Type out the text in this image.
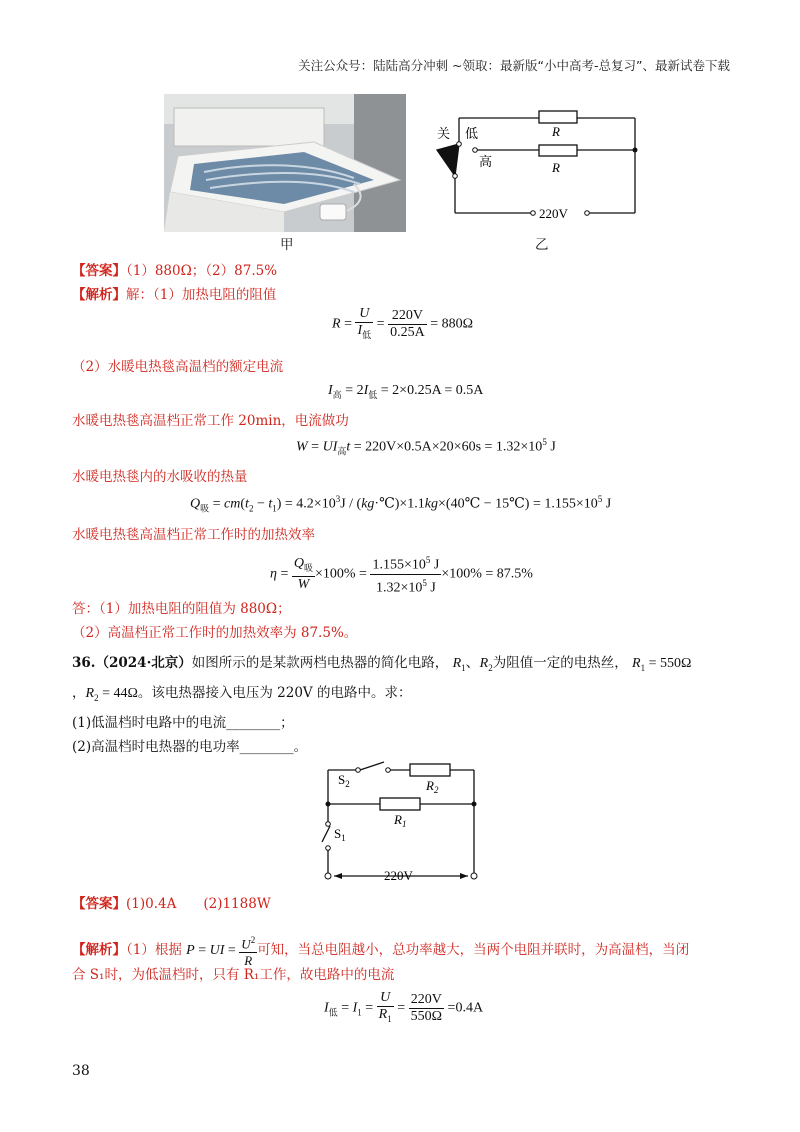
关注公众号：陆陆高分冲刺 ~领取：最新版“小中高考-总复习”、最新试卷下载
甲
关 低
高
R
R
220V
乙
【答案】（1）880Ω；（2）87.5%
【解析】解：（1）加热电阻的阻值
$R = \frac{U}{I_低} = \frac{220V}{0.25A} = 880\Omega$
（2）水暖电热毯高温档的额定电流
$I_高 = 2I_低 = 2\times 0.25A = 0.5A$
水暖电热毯高温档正常工作 20min，电流做功
$W = UI_高t = 220V\times 0.5A\times 20\times 60s = 1.32\times 10^5$ J
水暖电热毯内的水吸收的热量
$Q_吸 = cm(t_2 - t_1) = 4.2\times 10^3J$ / (kg·℃)×1.1kg×(40℃ − 15℃) = $1.155\times 10^5$ J
水暖电热毯高温档正常工作时的加热效率
$\eta = \frac{Q_吸}{W} \times 100\% = \frac{1.155\times 10^5 J}{1.32\times 10^5 J} \times 100\% = 87.5\%$
答：（1）加热电阻的阻值为 880Ω；
（2）高温档正常工作时的加热效率为 87.5%。
36.（2024·北京）如图所示的是某款两档电热器的简化电路， $R_1$、$R_2$为阻值一定的电热丝， $R_1 = 550\Omega$
，$R_2 = 44\Omega$。该电热器接入电压为 220V 的电路中。求：
(1)低温档时电路中的电流________；
(2)高温档时电热器的电功率________。
$S_2$	$R_2$
$R_1$
$S_1$
220V
【答案】(1)0.4A　　(2)1188W
【解析】（1）根据 P = UI = $\frac{U^2}{R}$ 可知，当总电阻越小，总功率越大，当两个电阻并联时，为高温档，当闭
合 S₁时，为低温档时，只有 R₁工作，故电路中的电流
$I_低 = I_1 = \frac{U}{R_1} = \frac{220V}{550\Omega} =0.4A$
38
